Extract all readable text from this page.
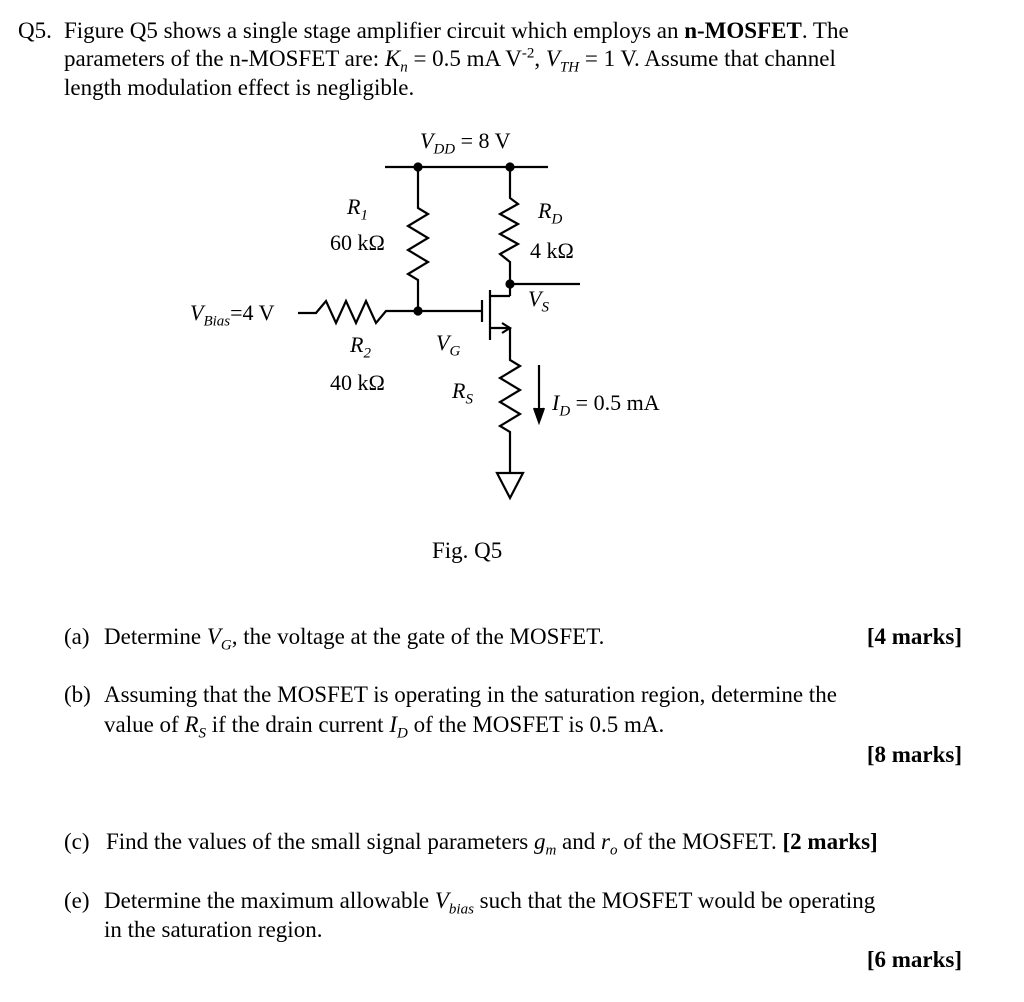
Q5. Figure Q5 shows a single stage amplifier circuit which employs an n-MOSFET. The
parameters of the n-MOSFET are: $K_n = 0.5$ mA $V^{-2}$, $V_{TH} = 1$ V. Assume that channel
length modulation effect is negligible.
$V_{DD} = 8$ V
$R_1$
60 kΩ
$R_D$
4 kΩ
$V_S$
$V_{Bias}=4$ V
$R_2$
40 kΩ
$V_G$
$R_S$	$I_D = 0.5$ mA
Fig. Q5
(a) Determine $V_G$, the voltage at the gate of the MOSFET.	[4 marks]
(b) Assuming that the MOSFET is operating in the saturation region, determine the
value of $R_S$ if the drain current $I_D$ of the MOSFET is 0.5 mA.
[8 marks]
(c) Find the values of the small signal parameters $g_m$ and $r_o$ of the MOSFET. [2 marks]
(e) Determine the maximum allowable $V_{bias}$ such that the MOSFET would be operating
in the saturation region.
[6 marks]
